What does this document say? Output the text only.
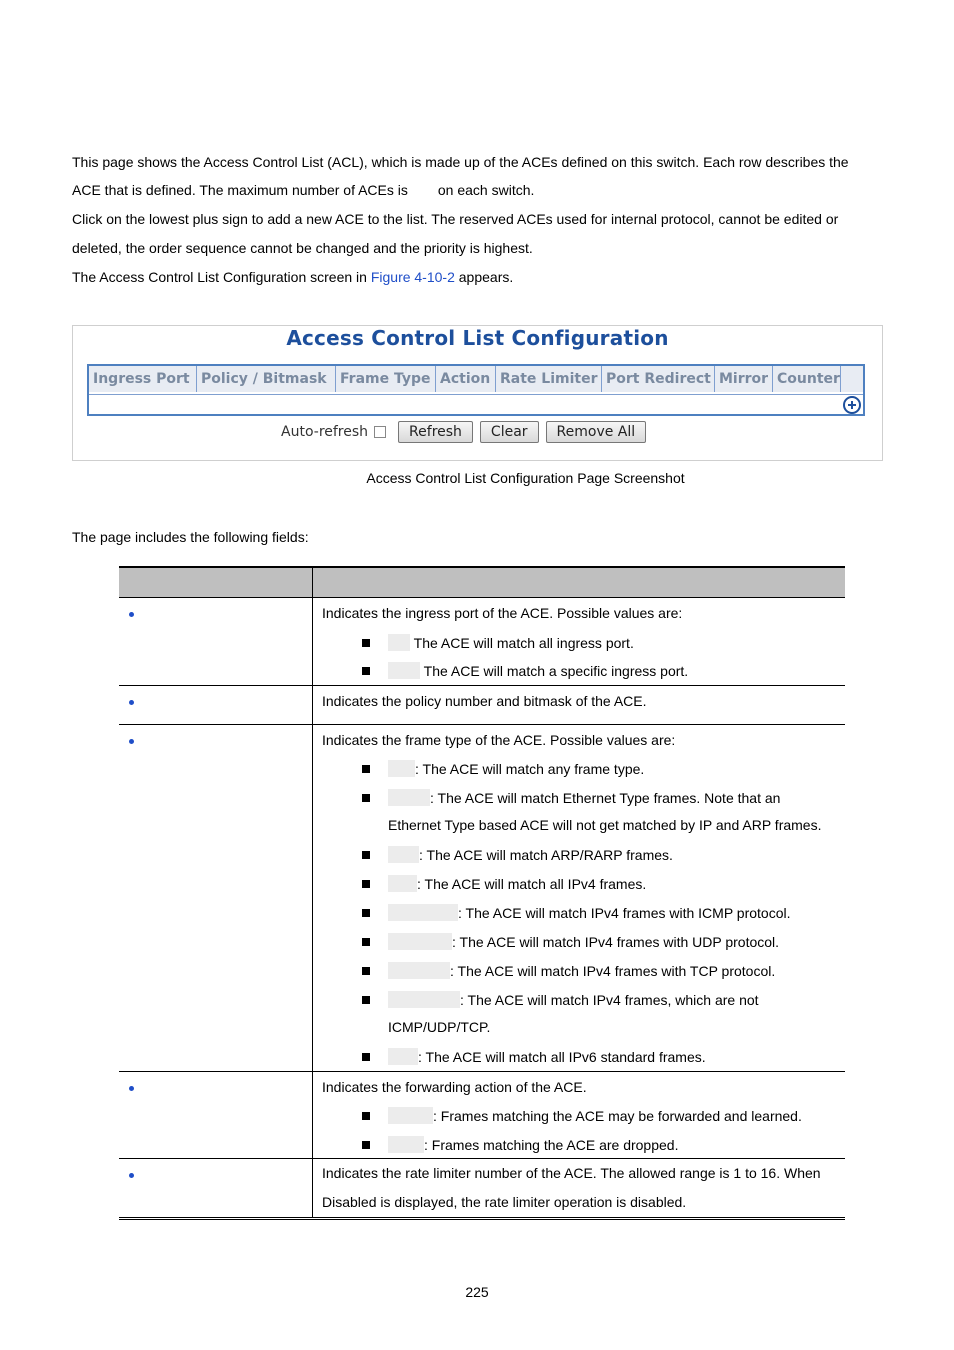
This page shows the Access Control List (ACL), which is made up of the ACEs defined on this switch. Each row describes the
ACE that is defined. The maximum number of ACEs is on each switch.
Click on the lowest plus sign to add a new ACE to the list. The reserved ACEs used for internal protocol, cannot be edited or
deleted, the order sequence cannot be changed and the priority is highest.
The Access Control List Configuration screen in Figure 4-10-2 appears.
Access Control List Configuration
Ingress Port Policy / Bitmask Frame Type Action Rate Limiter Port Redirect Mirror Counter
Auto-refresh	Refresh	Clear	Remove All
Access Control List Configuration Page Screenshot
The page includes the following fields:
Indicates the ingress port of the ACE. Possible values are:
The ACE will match all ingress port.
The ACE will match a specific ingress port.
Indicates the policy number and bitmask of the ACE.
Indicates the frame type of the ACE. Possible values are:
: The ACE will match any frame type.
: The ACE will match Ethernet Type frames. Note that an
Ethernet Type based ACE will not get matched by IP and ARP frames.
: The ACE will match ARP/RARP frames.
: The ACE will match all IPv4 frames.
: The ACE will match IPv4 frames with ICMP protocol.
: The ACE will match IPv4 frames with UDP protocol.
: The ACE will match IPv4 frames with TCP protocol.
: The ACE will match IPv4 frames, which are not
ICMP/UDP/TCP.
: The ACE will match all IPv6 standard frames.
Indicates the forwarding action of the ACE.
: Frames matching the ACE may be forwarded and learned.
: Frames matching the ACE are dropped.
Indicates the rate limiter number of the ACE. The allowed range is 1 to 16. When
Disabled is displayed, the rate limiter operation is disabled.
225
